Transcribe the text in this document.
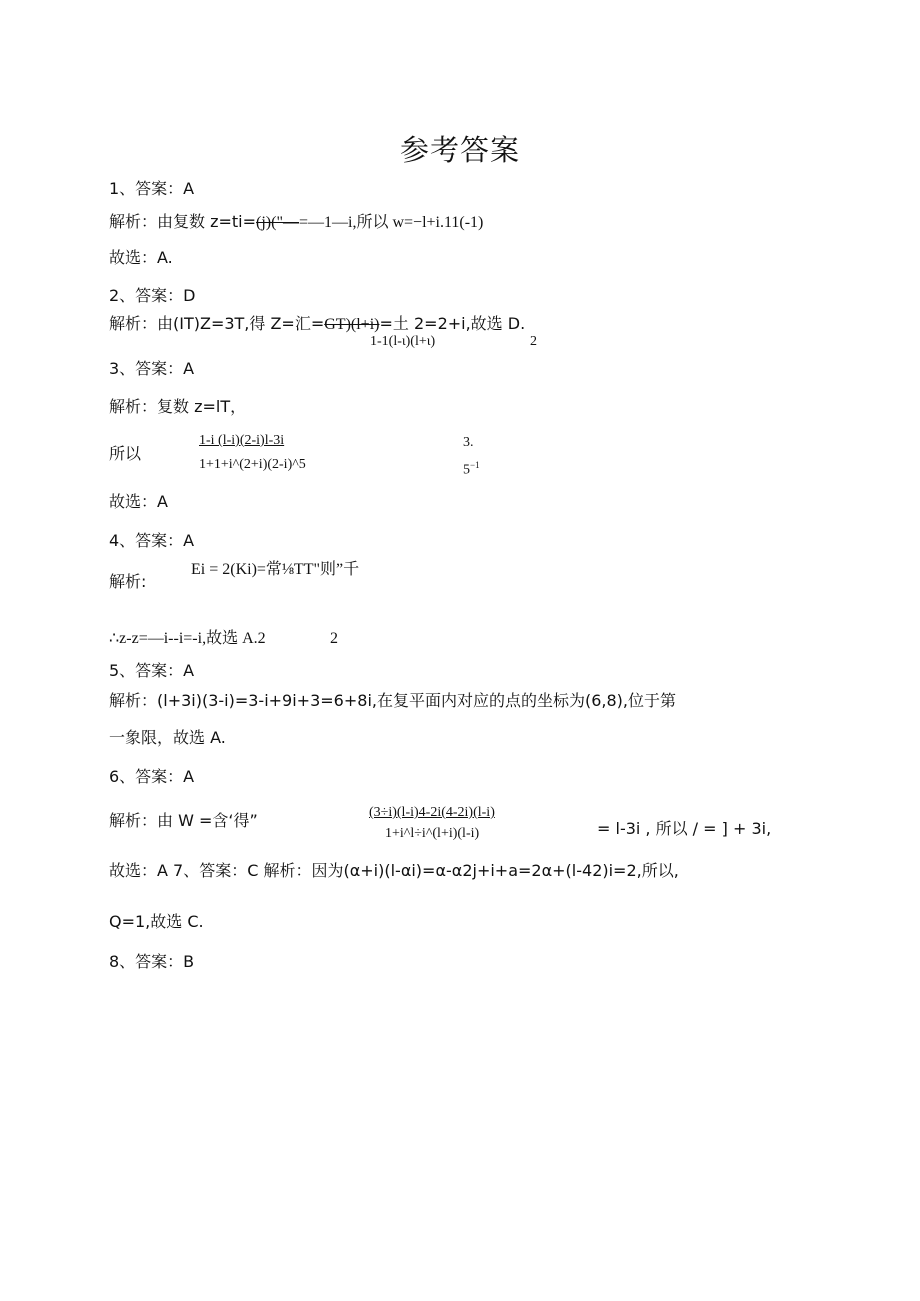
参考答案
1、答案：A
解析：由复数 z=ti=(j)("—=—1—i,所以 w=−l+i.11(-1)
故选：A.
2、答案：D
解析：由(IT)Z=3T,得 Z=汇=GT)(l+i)=土 2=2+i,故选 D.
1-1(l-ι)(l+ι)	2
3、答案：A
解析：复数 z=lT，
所以
1-i (l-i)(2-i)l-3i
1+1+i^(2+i)(2-i)^5
3.
$5^{-1}$
故选：A
4、答案：A
解析:
Ei = 2(Ki)=常⅛TT"则”千
∴z-z=—i--i=-i,故选 A.2	2
5、答案：A
解析：(l+3i)(3-i)=3-i+9i+3=6+8i,在复平面内对应的点的坐标为(6,8),位于第
一象限，故选 A.
6、答案：A
解析：由 W =含‘得”	(3÷i)(l-i)4-2i(4-2i)(l-i)
1+i^l÷i^(l+i)(l-i)	= l-3i , 所以 / = ] + 3i,
故选：A 7、答案：C 解析：因为(α+i)(l-αi)=α-α2j+i+a=2α+(l-42)i=2,所以,
Q=1,故选 C.
8、答案：B
